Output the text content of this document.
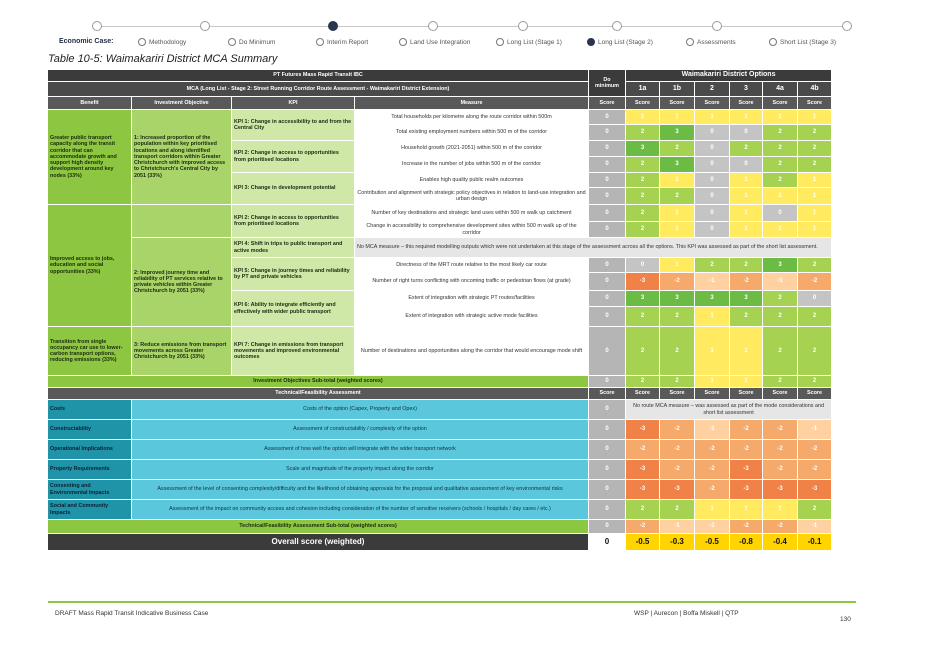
Economic Case:	Methodology	Do Minimum	Interim Report	Land Use Integration	Long List (Stage 1)	Long List (Stage 2)	Assessments	Short List (Stage 3)
Table 10-5: Waimakariri District MCA Summary
PT Futures Mass Rapid Transit IBC				Do minimum	Waimakariri District Options					
MCA (Long List - Stage 2: Street Running Corridor Route Assessment - Waimakariri District Extension)					1a	1b	2	3	4a	4b
Benefit	Investment Objective	KPI	Measure	Score	Score	Score	Score	Score	Score	Score
Greater public transport capacity along the transit corridor that can accommodate growth and support high density development around key nodes (33%)	1: Increased proportion of the population within key prioritised locations and along identified transport corridors within Greater Christchurch with improved access to Christchurch's Central City by 2051 (33%)	KPI 1: Change in accessibility to and from the Central City	Total households per kilometre along the route corridor within 500m	0	1	1	1	1	1	1
			Total existing employment numbers within 500 m of the corridor	0	2	3	0	0	2	2
		KPI 2: Change in access to opportunities from prioritised locations	Household growth (2021-2051) within 500 m of the corridor	0	3	2	0	2	2	2
			Increase in the number of jobs within 500 m of the corridor	0	2	3	0	0	2	2
		KPI 3: Change in development potential	Enables high quality public realm outcomes	0	2	1	0	1	2	1
			Contribution and alignment with strategic policy objectives in relation to land-use integration and urban design	0	2	2	0	1	1	1
Improved access to jobs, education and social opportunities (33%)		KPI 2: Change in access to opportunities from prioritised locations	Number of key destinations and strategic land uses within 500 m walk up catchment	0	2	1	0	1	0	1
			Change in accessibility to comprehensive development sites within 500 m walk up of the corridor	0	2	1	0	1	1	1
	2: Improved journey time and reliability of PT services relative to private vehicles within Greater Christchurch by 2051 (33%)	KPI 4: Shift in trips to public transport and active modes	No MCA measure – this required modelling outputs which were not undertaken at this stage of the assessment across all the options. This KPI was assessed as part of the short list assessment.							
		KPI 5: Change in journey times and reliability by PT and private vehicles	Directness of the MRT route relative to the most likely car route	0	0	1	2	2	3	2
			Number of right turns conflicting with oncoming traffic or pedestrian flows (at grade)	0	-3	-2	-1	-2	-1	-2
		KPI 6: Ability to integrate efficiently and effectively with wider public transport	Extent of integration with strategic PT routes/facilities	0	3	3	3	3	2	0
			Extent of integration with strategic active mode facilities	0	2	2	1	2	2	2
Transition from single occupancy car use to lower-carbon transport options, reducing emissions (33%)	3: Reduce emissions from transport movements across Greater Christchurch by 2051 (33%)	KPI 7: Change in emissions from transport movements and improved environmental outcomes	Number of destinations and opportunities along the corridor that would encourage mode shift	0	2	2	1	1	2	2
Investment Objectives Sub-total (weighted scores)				0	2	2	1	1	2	2
Technical/Feasibility Assessment				Score	Score	Score	Score	Score	Score	Score
Costs	Costs of the option (Capex, Property and Opex)			0	No route MCA measure – was assessed as part of the mode considerations and short list assessment					
Constructability	Assessment of constructability / complexity of the option			0	-3	-2	-1	-2	-2	-1
Operational Implications	Assessment of how well the option will integrate with the wider transport network			0	-2	-2	-2	-2	-2	-2
Property Requirements	Scale and magnitude of the property impact along the corridor			0	-3	-2	-2	-3	-2	-2
Consenting and Environmental Impacts	Assessment of the level of consenting complexity/difficulty and the likelihood of obtaining approvals for the proposal and qualitative assessment of key environmental risks			0	-3	-3	-2	-3	-3	-3
Social and Community Impacts	Assessment of the impact on community access and cohesion including consideration of the number of sensitive receivers (schools / hospitals / day cares / etc.)			0	2	2	1	1	1	2
Technical/Feasibility Assessment Sub-total (weighted scores)				0	-2	-1	-1	-2	-2	-1
Overall score (weighted)				0	-0.5	-0.3	-0.5	-0.8	-0.4	-0.1
DRAFT Mass Rapid Transit Indicative Business Case	WSP | Aurecon | Boffa Miskell | QTP
130
